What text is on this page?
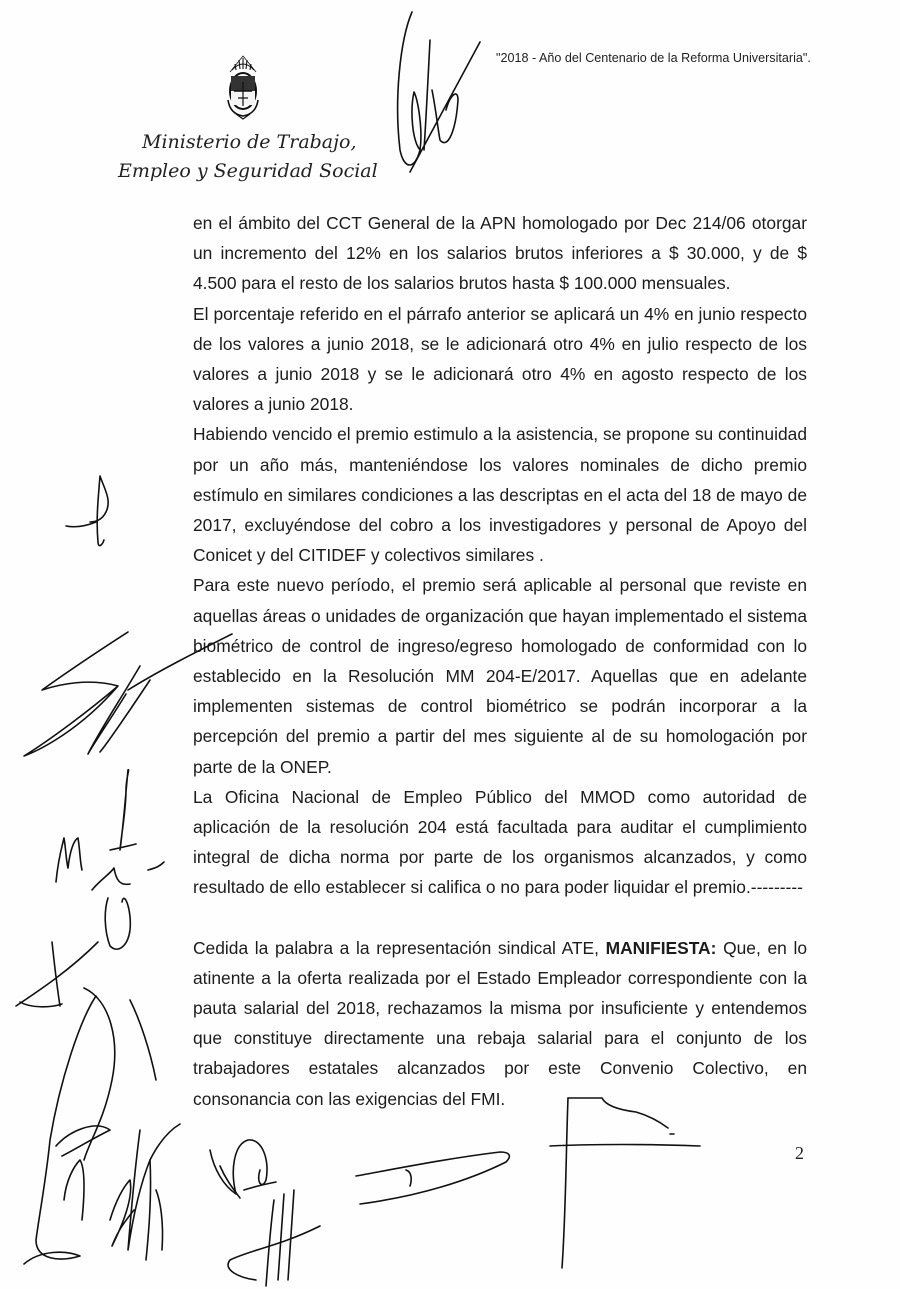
Ministerio de Trabajo,
Empleo y Seguridad Social
"2018 - Año del Centenario de la Reforma Universitaria".

en el ámbito del CCT General de la APN homologado por Dec 214/06 otorgar un incremento del 12% en los salarios brutos inferiores a $ 30.000, y de $ 4.500 para el resto de los salarios brutos hasta $ 100.000 mensuales.

El porcentaje referido en el párrafo anterior se aplicará un 4% en junio respecto de los valores a junio 2018, se le adicionará otro 4% en julio respecto de los valores a junio 2018 y se le adicionará otro 4% en agosto respecto de los valores a junio 2018.

Habiendo vencido el premio estimulo a la asistencia, se propone su continuidad por un año más, manteniéndose los valores nominales de dicho premio estímulo en similares condiciones a las descriptas en el acta del 18 de mayo de 2017, excluyéndose del cobro a los investigadores y personal de Apoyo del Conicet y del CITIDEF y colectivos similares .

Para este nuevo período, el premio será aplicable al personal que reviste en aquellas áreas o unidades de organización que hayan implementado el sistema biométrico de control de ingreso/egreso homologado de conformidad con lo establecido en la Resolución MM 204-E/2017. Aquellas que en adelante implementen sistemas de control biométrico se podrán incorporar a la percepción del premio a partir del mes siguiente al de su homologación por parte de la ONEP.

La Oficina Nacional de Empleo Público del MMOD como autoridad de aplicación de la resolución 204 está facultada para auditar el cumplimiento integral de dicha norma por parte de los organismos alcanzados, y como resultado de ello establecer si califica o no para poder liquidar el premio.---------

Cedida la palabra a la representación sindical ATE, MANIFIESTA: Que, en lo atinente a la oferta realizada por el Estado Empleador correspondiente con la pauta salarial del 2018, rechazamos la misma por insuficiente y entendemos que constituye directamente una rebaja salarial para el conjunto de los trabajadores estatales alcanzados por este Convenio Colectivo, en consonancia con las exigencias del FMI.

2
